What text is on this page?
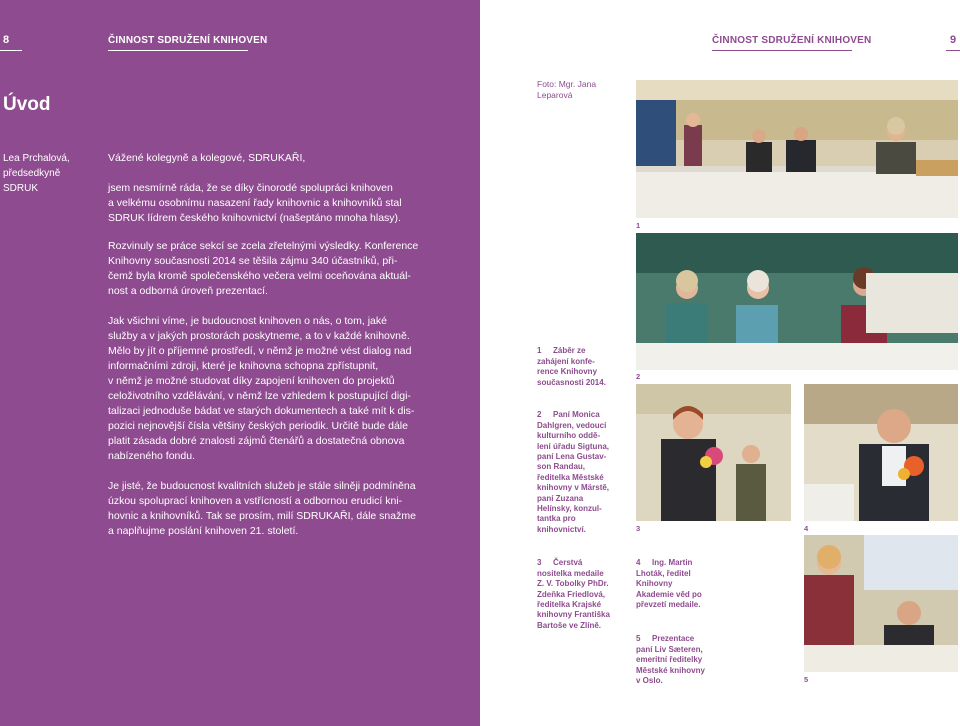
8	ČINNOST SDRUŽENÍ KNIHOVEN
Úvod
Lea Prchalová,
předsedkyně
SDRUK

Vážené kolegyně a kolegové, SDRUKAŘI,

jsem nesmírně ráda, že se díky činorodé spolupráci knihoven
a velkému osobnímu nasazení řady knihovnic a knihovníků stal
SDRUK lídrem českého knihovnictví (našeptáno mnoha hlasy).

Rozvinuly se práce sekcí se zcela zřetelnými výsledky. Konference
Knihovny současnosti 2014 se těšila zájmu 340 účastníků, při-
čemž byla kromě společenského večera velmi oceňována aktuál-
nost a odborná úroveň prezentací.

Jak všichni víme, je budoucnost knihoven o nás, o tom, jaké
služby a v jakých prostorách poskytneme, a to v každé knihovně.
Mělo by jít o příjemné prostředí, v němž je možné vést dialog nad
informačními zdroji, které je knihovna schopna zpřístupnit,
v němž je možné studovat díky zapojení knihoven do projektů
celoživotního vzdělávání, v němž lze vzhledem k postupující digi-
talizaci jednoduše bádat ve starých dokumentech a také mít k dis-
pozici nejnovější čísla většiny českých periodik. Určitě bude dále
platit zásada dobré znalosti zájmů čtenářů a dostatečná obnova
nabízeného fondu.

Je jisté, že budoucnost kvalitních služeb je stále silněji podmíněna
úzkou spoluprací knihoven a vstřícností a odbornou erudicí kni-
hovnic a knihovníků. Tak se prosím, milí SDRUKAŘI, dále snažme
a naplňujme poslání knihoven 21. století.

ČINNOST SDRUŽENÍ KNIHOVEN	9
Foto: Mgr. Jana
Leparová
1
2
3	4
5

1 Záběr ze
zahájení konfe-
rence Knihovny
současnosti 2014.

2 Paní Monica
Dahlgren, vedoucí
kulturního oddě-
lení úřadu Sigtuna,
paní Lena Gustav-
son Randau,
ředitelka Městské
knihovny v Märstě,
paní Zuzana
Helínsky, konzul-
tantka pro
knihovnictví.

3 Čerstvá
nositelka medaile
Z. V. Tobolky PhDr.
Zdeňka Friedlová,
ředitelka Krajské
knihovny Františka
Bartoše ve Zlíně.

4 Ing. Martin
Lhoták, ředitel
Knihovny
Akademie věd po
převzetí medaile.

5 Prezentace
paní Liv Sæteren,
emeritní ředitelky
Městské knihovny
v Oslo.
